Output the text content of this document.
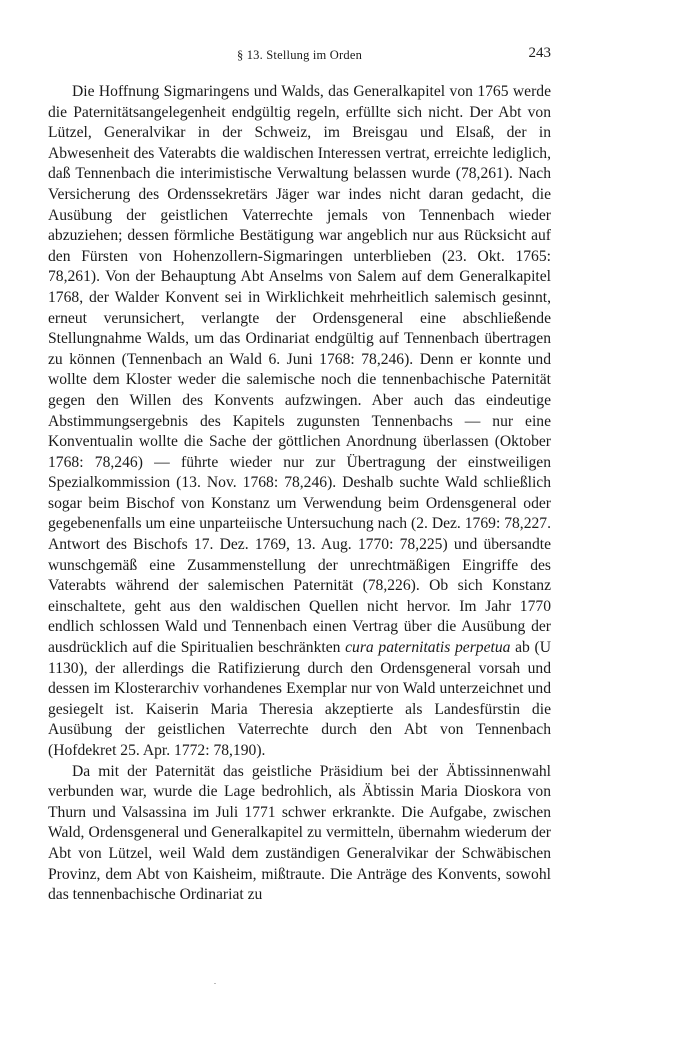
§ 13. Stellung im Orden	243

Die Hoffnung Sigmaringens und Walds, das Generalkapitel von 1765 werde die Paternitätsangelegenheit endgültig regeln, erfüllte sich nicht. Der Abt von Lützel, Generalvikar in der Schweiz, im Breisgau und Elsaß, der in Abwesenheit des Vaterabts die waldischen Interessen vertrat, erreichte lediglich, daß Tennenbach die interimistische Verwaltung belassen wurde (78,261). Nach Versicherung des Ordenssekretärs Jäger war indes nicht daran gedacht, die Ausübung der geistlichen Vaterrechte jemals von Tennenbach wieder abzuziehen; dessen förmliche Bestätigung war angeblich nur aus Rücksicht auf den Fürsten von Hohenzollern-Sigmaringen unterblieben (23. Okt. 1765: 78,261). Von der Behauptung Abt Anselms von Salem auf dem Generalkapitel 1768, der Walder Konvent sei in Wirklichkeit mehrheitlich salemisch gesinnt, erneut verunsichert, verlangte der Ordensgeneral eine abschließende Stellungnahme Walds, um das Ordinariat endgültig auf Tennenbach übertragen zu können (Tennenbach an Wald 6. Juni 1768: 78,246). Denn er konnte und wollte dem Kloster weder die salemische noch die tennenbachische Paternität gegen den Willen des Konvents aufzwingen. Aber auch das eindeutige Abstimmungsergebnis des Kapitels zugunsten Tennenbachs — nur eine Konventualin wollte die Sache der göttlichen Anordnung überlassen (Oktober 1768: 78,246) — führte wieder nur zur Übertragung der einstweiligen Spezialkommission (13. Nov. 1768: 78,246). Deshalb suchte Wald schließlich sogar beim Bischof von Konstanz um Verwendung beim Ordensgeneral oder gegebenenfalls um eine unparteiische Untersuchung nach (2. Dez. 1769: 78,227. Antwort des Bischofs 17. Dez. 1769, 13. Aug. 1770: 78,225) und übersandte wunschgemäß eine Zusammenstellung der unrechtmäßigen Eingriffe des Vaterabts während der salemischen Paternität (78,226). Ob sich Konstanz einschaltete, geht aus den waldischen Quellen nicht hervor. Im Jahr 1770 endlich schlossen Wald und Tennenbach einen Vertrag über die Ausübung der ausdrücklich auf die Spiritualien beschränkten cura paternitatis perpetua ab (U 1130), der allerdings die Ratifizierung durch den Ordensgeneral vorsah und dessen im Klosterarchiv vorhandenes Exemplar nur von Wald unterzeichnet und gesiegelt ist. Kaiserin Maria Theresia akzeptierte als Landesfürstin die Ausübung der geistlichen Vaterrechte durch den Abt von Tennenbach (Hofdekret 25. Apr. 1772: 78,190).

Da mit der Paternität das geistliche Präsidium bei der Äbtissinnenwahl verbunden war, wurde die Lage bedrohlich, als Äbtissin Maria Dioskora von Thurn und Valsassina im Juli 1771 schwer erkrankte. Die Aufgabe, zwischen Wald, Ordensgeneral und Generalkapitel zu vermitteln, übernahm wiederum der Abt von Lützel, weil Wald dem zuständigen Generalvikar der Schwäbischen Provinz, dem Abt von Kaisheim, mißtraute. Die Anträge des Konvents, sowohl das tennenbachische Ordinariat zu
